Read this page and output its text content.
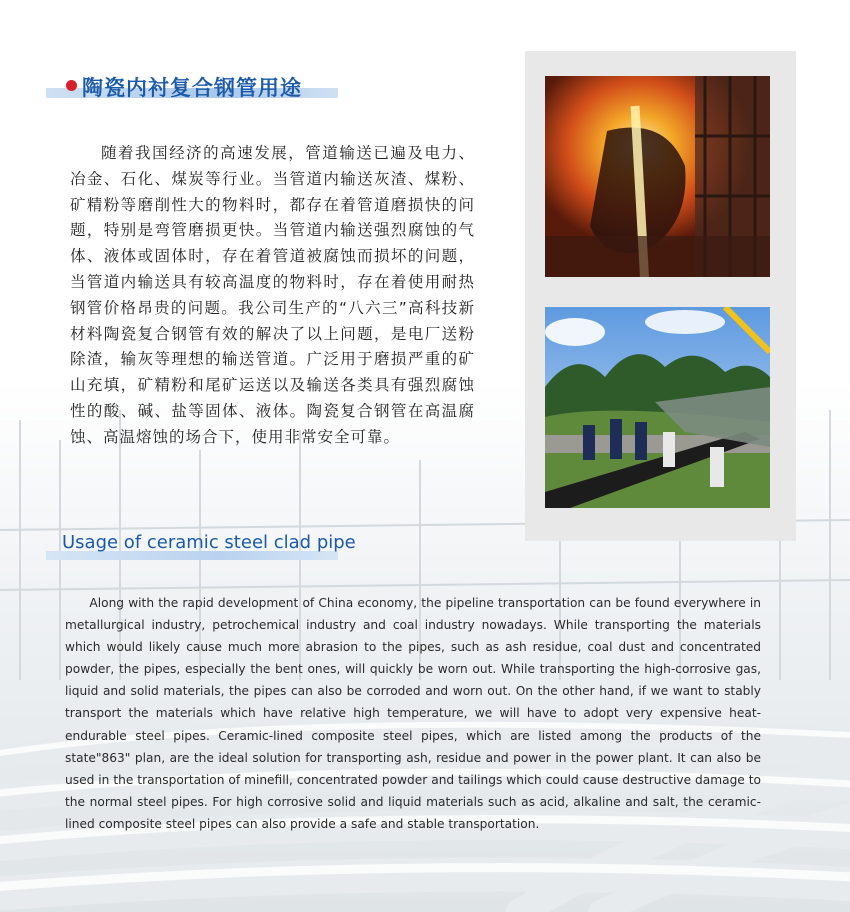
陶瓷内衬复合钢管用途

随着我国经济的高速发展，管道输送已遍及电力、冶金、石化、煤炭等行业。当管道内输送灰渣、煤粉、矿精粉等磨削性大的物料时，都存在着管道磨损快的问题，特别是弯管磨损更快。当管道内输送强烈腐蚀的气体、液体或固体时，存在着管道被腐蚀而损坏的问题，当管道内输送具有较高温度的物料时，存在着使用耐热钢管价格昂贵的问题。我公司生产的“八六三”高科技新材料陶瓷复合钢管有效的解决了以上问题，是电厂送粉除渣，输灰等理想的输送管道。广泛用于磨损严重的矿山充填，矿精粉和尾矿运送以及输送各类具有强烈腐蚀性的酸、碱、盐等固体、液体。陶瓷复合钢管在高温腐蚀、高温熔蚀的场合下，使用非常安全可靠。

Usage of ceramic steel clad pipe

Along with the rapid development of China economy, the pipeline transportation can be found everywhere in metallurgical industry, petrochemical industry and coal industry nowadays. While transporting the materials which would likely cause much more abrasion to the pipes, such as ash residue, coal dust and concentrated powder, the pipes, especially the bent ones, will quickly be worn out. While transporting the high-corrosive gas, liquid and solid materials, the pipes can also be corroded and worn out. On the other hand, if we want to stably transport the materials which have relative high temperature, we will have to adopt very expensive heat-endurable steel pipes. Ceramic-lined composite steel pipes, which are listed among the products of the state"863" plan, are the ideal solution for transporting ash, residue and power in the power plant. It can also be used in the transportation of minefill, concentrated powder and tailings which could cause destructive damage to the normal steel pipes. For high corrosive solid and liquid materials such as acid, alkaline and salt, the ceramic-lined composite steel pipes can also provide a safe and stable transportation.
